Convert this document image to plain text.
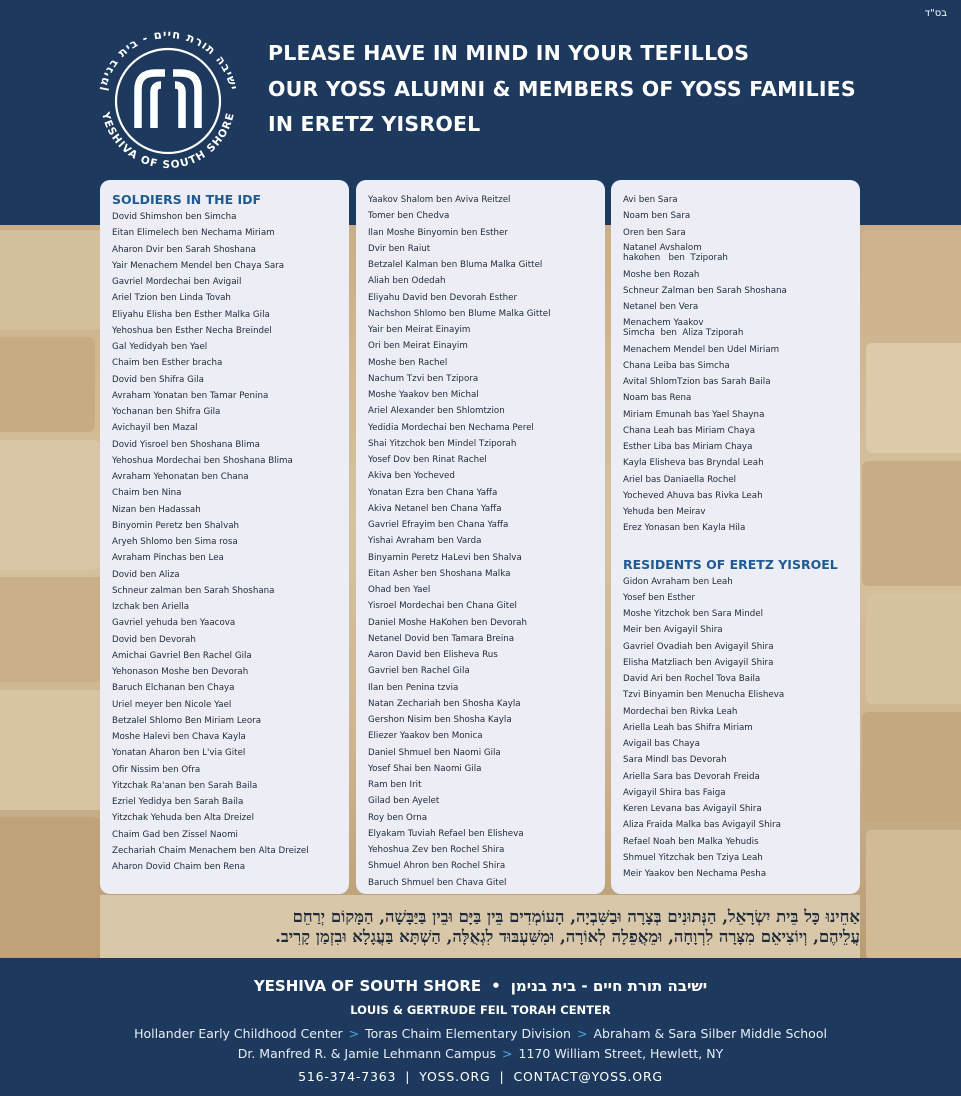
בס"ד
ישיבה תורת חיים - בית בנימן
YESHIVA OF SOUTH SHORE
PLEASE HAVE IN MIND IN YOUR TEFILLOS
OUR YOSS ALUMNI & MEMBERS OF YOSS FAMILIES
IN ERETZ YISROEL
SOLDIERS IN THE IDF
Dovid Shimshon ben Simcha
Eitan Elimelech ben Nechama Miriam
Aharon Dvir ben Sarah Shoshana
Yair Menachem Mendel ben Chaya Sara
Gavriel Mordechai ben Avigail
Ariel Tzion ben Linda Tovah
Eliyahu Elisha ben Esther Malka Gila
Yehoshua ben Esther Necha Breindel
Gal Yedidyah ben Yael
Chaim ben Esther bracha
Dovid ben Shifra Gila
Avraham Yonatan ben Tamar Penina
Yochanan ben Shifra Gila
Avichayil ben Mazal
Dovid Yisroel ben Shoshana Blima
Yehoshua Mordechai ben Shoshana Blima
Avraham Yehonatan ben Chana
Chaim ben Nina
Nizan ben Hadassah
Binyomin Peretz ben Shalvah
Aryeh Shlomo ben Sima rosa
Avraham Pinchas ben Lea
Dovid ben Aliza
Schneur zalman ben Sarah Shoshana
Izchak ben Ariella
Gavriel yehuda ben Yaacova
Dovid ben Devorah
Amichai Gavriel Ben Rachel Gila
Yehonason Moshe ben Devorah
Baruch Elchanan ben Chaya
Uriel meyer ben Nicole Yael
Betzalel Shlomo Ben Miriam Leora
Moshe Halevi ben Chava Kayla
Yonatan Aharon ben L'via Gitel
Ofir Nissim ben Ofra
Yitzchak Ra'anan ben Sarah Baila
Ezriel Yedidya ben Sarah Baila
Yitzchak Yehuda ben Alta Dreizel
Chaim Gad ben Zissel Naomi
Zechariah Chaim Menachem ben Alta Dreizel
Aharon Dovid Chaim ben Rena
Yaakov Shalom ben Aviva Reitzel
Tomer ben Chedva
Ilan Moshe Binyomin ben Esther
Dvir ben Raiut
Betzalel Kalman ben Bluma Malka Gittel
Aliah ben Odedah
Eliyahu David ben Devorah Esther
Nachshon Shlomo ben Blume Malka Gittel
Yair ben Meirat Einayim
Ori ben Meirat Einayim
Moshe ben Rachel
Nachum Tzvi ben Tzipora
Moshe Yaakov ben Michal
Ariel Alexander ben Shlomtzion
Yedidia Mordechai ben Nechama Perel
Shai Yitzchok ben Mindel Tziporah
Yosef Dov ben Rinat Rachel
Akiva ben Yocheved
Yonatan Ezra ben Chana Yaffa
Akiva Netanel ben Chana Yaffa
Gavriel Efrayim ben Chana Yaffa
Yishai Avraham ben Varda
Binyamin Peretz HaLevi ben Shalva
Eitan Asher ben Shoshana Malka
Ohad ben Yael
Yisroel Mordechai ben Chana Gitel
Daniel Moshe HaKohen ben Devorah
Netanel Dovid ben Tamara Breina
Aaron David ben Elisheva Rus
Gavriel ben Rachel Gila
Ilan ben Penina tzvia
Natan Zechariah ben Shosha Kayla
Gershon Nisim ben Shosha Kayla
Eliezer Yaakov ben Monica
Daniel Shmuel ben Naomi Gila
Yosef Shai ben Naomi Gila
Ram ben Irit
Gilad ben Ayelet
Roy ben Orna
Elyakam Tuviah Refael ben Elisheva
Yehoshua Zev ben Rochel Shira
Shmuel Ahron ben Rochel Shira
Baruch Shmuel ben Chava Gitel
Avi ben Sara
Noam ben Sara
Oren ben Sara
Natanel Avshalom
hakohen   ben  Tziporah
Moshe ben Rozah
Schneur Zalman ben Sarah Shoshana
Netanel ben Vera
Menachem Yaakov
Simcha  ben  Aliza Tziporah
Menachem Mendel ben Udel Miriam
Chana Leiba bas Simcha
Avital ShlomTzion bas Sarah Baila
Noam bas Rena
Miriam Emunah bas Yael Shayna
Chana Leah bas Miriam Chaya
Esther Liba bas Miriam Chaya
Kayla Elisheva bas Bryndal Leah
Ariel bas Daniaella Rochel
Yocheved Ahuva bas Rivka Leah
Yehuda ben Meirav
Erez Yonasan ben Kayla Hila
RESIDENTS OF ERETZ YISROEL
Gidon Avraham ben Leah
Yosef ben Esther
Moshe Yitzchok ben Sara Mindel
Meir ben Avigayil Shira
Gavriel Ovadiah ben Avigayil Shira
Elisha Matzliach ben Avigayil Shira
David Ari ben Rochel Tova Baila
Tzvi Binyamin ben Menucha Elisheva
Mordechai ben Rivka Leah
Ariella Leah bas Shifra Miriam
Avigail bas Chaya
Sara Mindl bas Devorah
Ariella Sara bas Devorah Freida
Avigayil Shira bas Faiga
Keren Levana bas Avigayil Shira
Aliza Fraida Malka bas Avigayil Shira
Refael Noah ben Malka Yehudis
Shmuel Yitzchak ben Tziya Leah
Meir Yaakov ben Nechama Pesha
אַחֵינוּ כָּל בֵּית יִשְׂרָאֵל, הַנְּתוּנִים בְּצָרָה וּבַשִּׁבְיָה, הָעוֹמְדִים בֵּין בַּיָּם וּבֵין בַּיַּבָּשָׁה, הַמָּקוֹם יְרַחֵם
עֲלֵיהֶם, וְיוֹצִיאֵם מִצָּרָה לִרְוָחָה, וּמֵאֲפֵלָה לְאוֹרָה, וּמִשִּׁעְבּוּד לִגְאֻלָּה, הַשְׁתָּא בַּעֲגָלָא וּבִזְמַן קָרִיב.
YESHIVA OF SOUTH SHORE • ישיבה תורת חיים - בית בנימן
LOUIS & GERTRUDE FEIL TORAH CENTER
Hollander Early Childhood Center > Toras Chaim Elementary Division > Abraham & Sara Silber Middle School
Dr. Manfred R. & Jamie Lehmann Campus > 1170 William Street, Hewlett, NY
516-374-7363 | YOSS.ORG | CONTACT@YOSS.ORG
